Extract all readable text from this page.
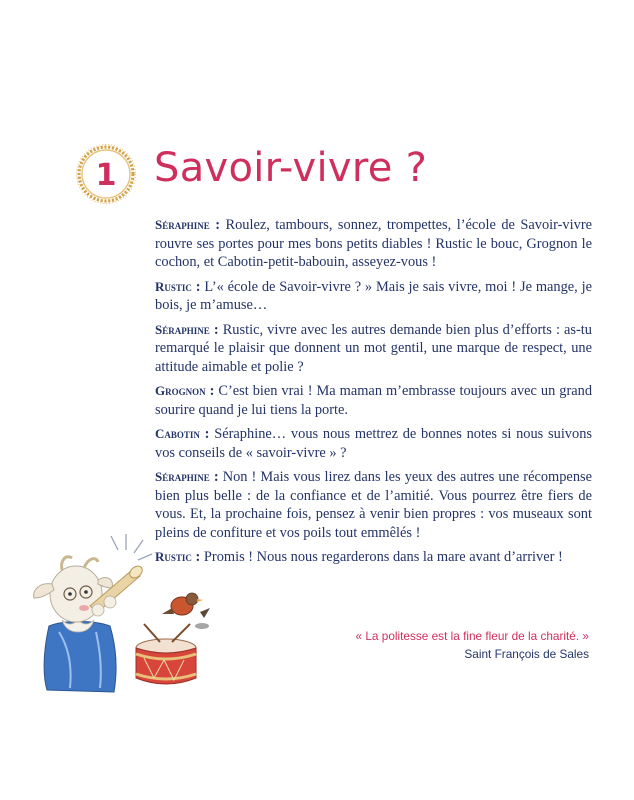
1 Savoir-vivre ?

Séraphine : Roulez, tambours, sonnez, trompettes, l’école de Savoir-vivre rouvre ses portes pour mes bons petits diables ! Rustic le bouc, Grognon le cochon, et Cabotin-petit-babouin, asseyez-vous !

Rustic : L’« école de Savoir-vivre ? » Mais je sais vivre, moi ! Je mange, je bois, je m’amuse…

Séraphine : Rustic, vivre avec les autres demande bien plus d’efforts : as-tu remarqué le plaisir que donnent un mot gentil, une marque de respect, une attitude aimable et polie ?

Grognon : C’est bien vrai ! Ma maman m’embrasse toujours avec un grand sourire quand je lui tiens la porte.

Cabotin : Séraphine… vous nous mettrez de bonnes notes si nous suivons vos conseils de « savoir-vivre » ?

Séraphine : Non ! Mais vous lirez dans les yeux des autres une récompense bien plus belle : de la confiance et de l’amitié. Vous pourrez être fiers de vous. Et, la prochaine fois, pensez à venir bien propres : vos museaux sont pleins de confiture et vos poils tout emmêlés !

Rustic : Promis ! Nous nous regarderons dans la mare avant d’arriver !

« La politesse est la fine fleur de la charité. »

Saint François de Sales
